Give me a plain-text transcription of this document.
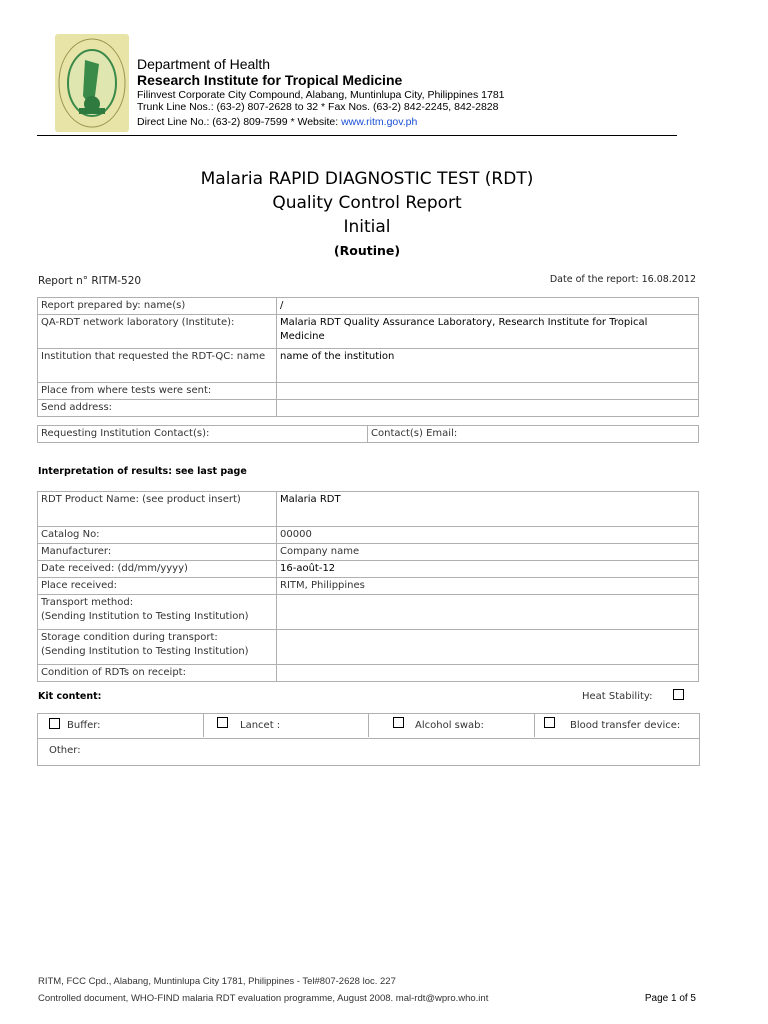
Department of Health
Research Institute for Tropical Medicine
Filinvest Corporate City Compound, Alabang, Muntinlupa City, Philippines 1781
Trunk Line Nos.: (63-2) 807-2628 to 32 * Fax Nos. (63-2) 842-2245, 842-2828
Direct Line No.: (63-2) 809-7599 * Website: www.ritm.gov.ph
Malaria RAPID DIAGNOSTIC TEST (RDT)
Quality Control Report
Initial
(Routine)
Report n° RITM-520	Date of the report: 16.08.2012
Report prepared by: name(s)	/
QA-RDT network laboratory (Institute):	Malaria RDT Quality Assurance Laboratory, Research Institute for Tropical Medicine
Institution that requested the RDT-QC: name	name of the institution
Place from where tests were sent:	
Send address:	
Requesting Institution Contact(s):	Contact(s) Email:
Interpretation of results: see last page
RDT Product Name: (see product insert)	Malaria RDT
Catalog No:	00000
Manufacturer:	Company name
Date received: (dd/mm/yyyy)	16-août-12
Place received:	RITM, Philippines
Transport method:
(Sending Institution to Testing Institution)	
Storage condition during transport:
(Sending Institution to Testing Institution)	
Condition of RDTs on receipt:	
Kit content:	Heat Stability:
Buffer:	Lancet :	Alcohol swab:	Blood transfer device:
Other:
RITM, FCC Cpd., Alabang, Muntinlupa City 1781, Philippines - Tel#807-2628 loc. 227
Controlled document, WHO-FIND malaria RDT evaluation programme, August 2008. mal-rdt@wpro.who.int	Page 1 of 5
